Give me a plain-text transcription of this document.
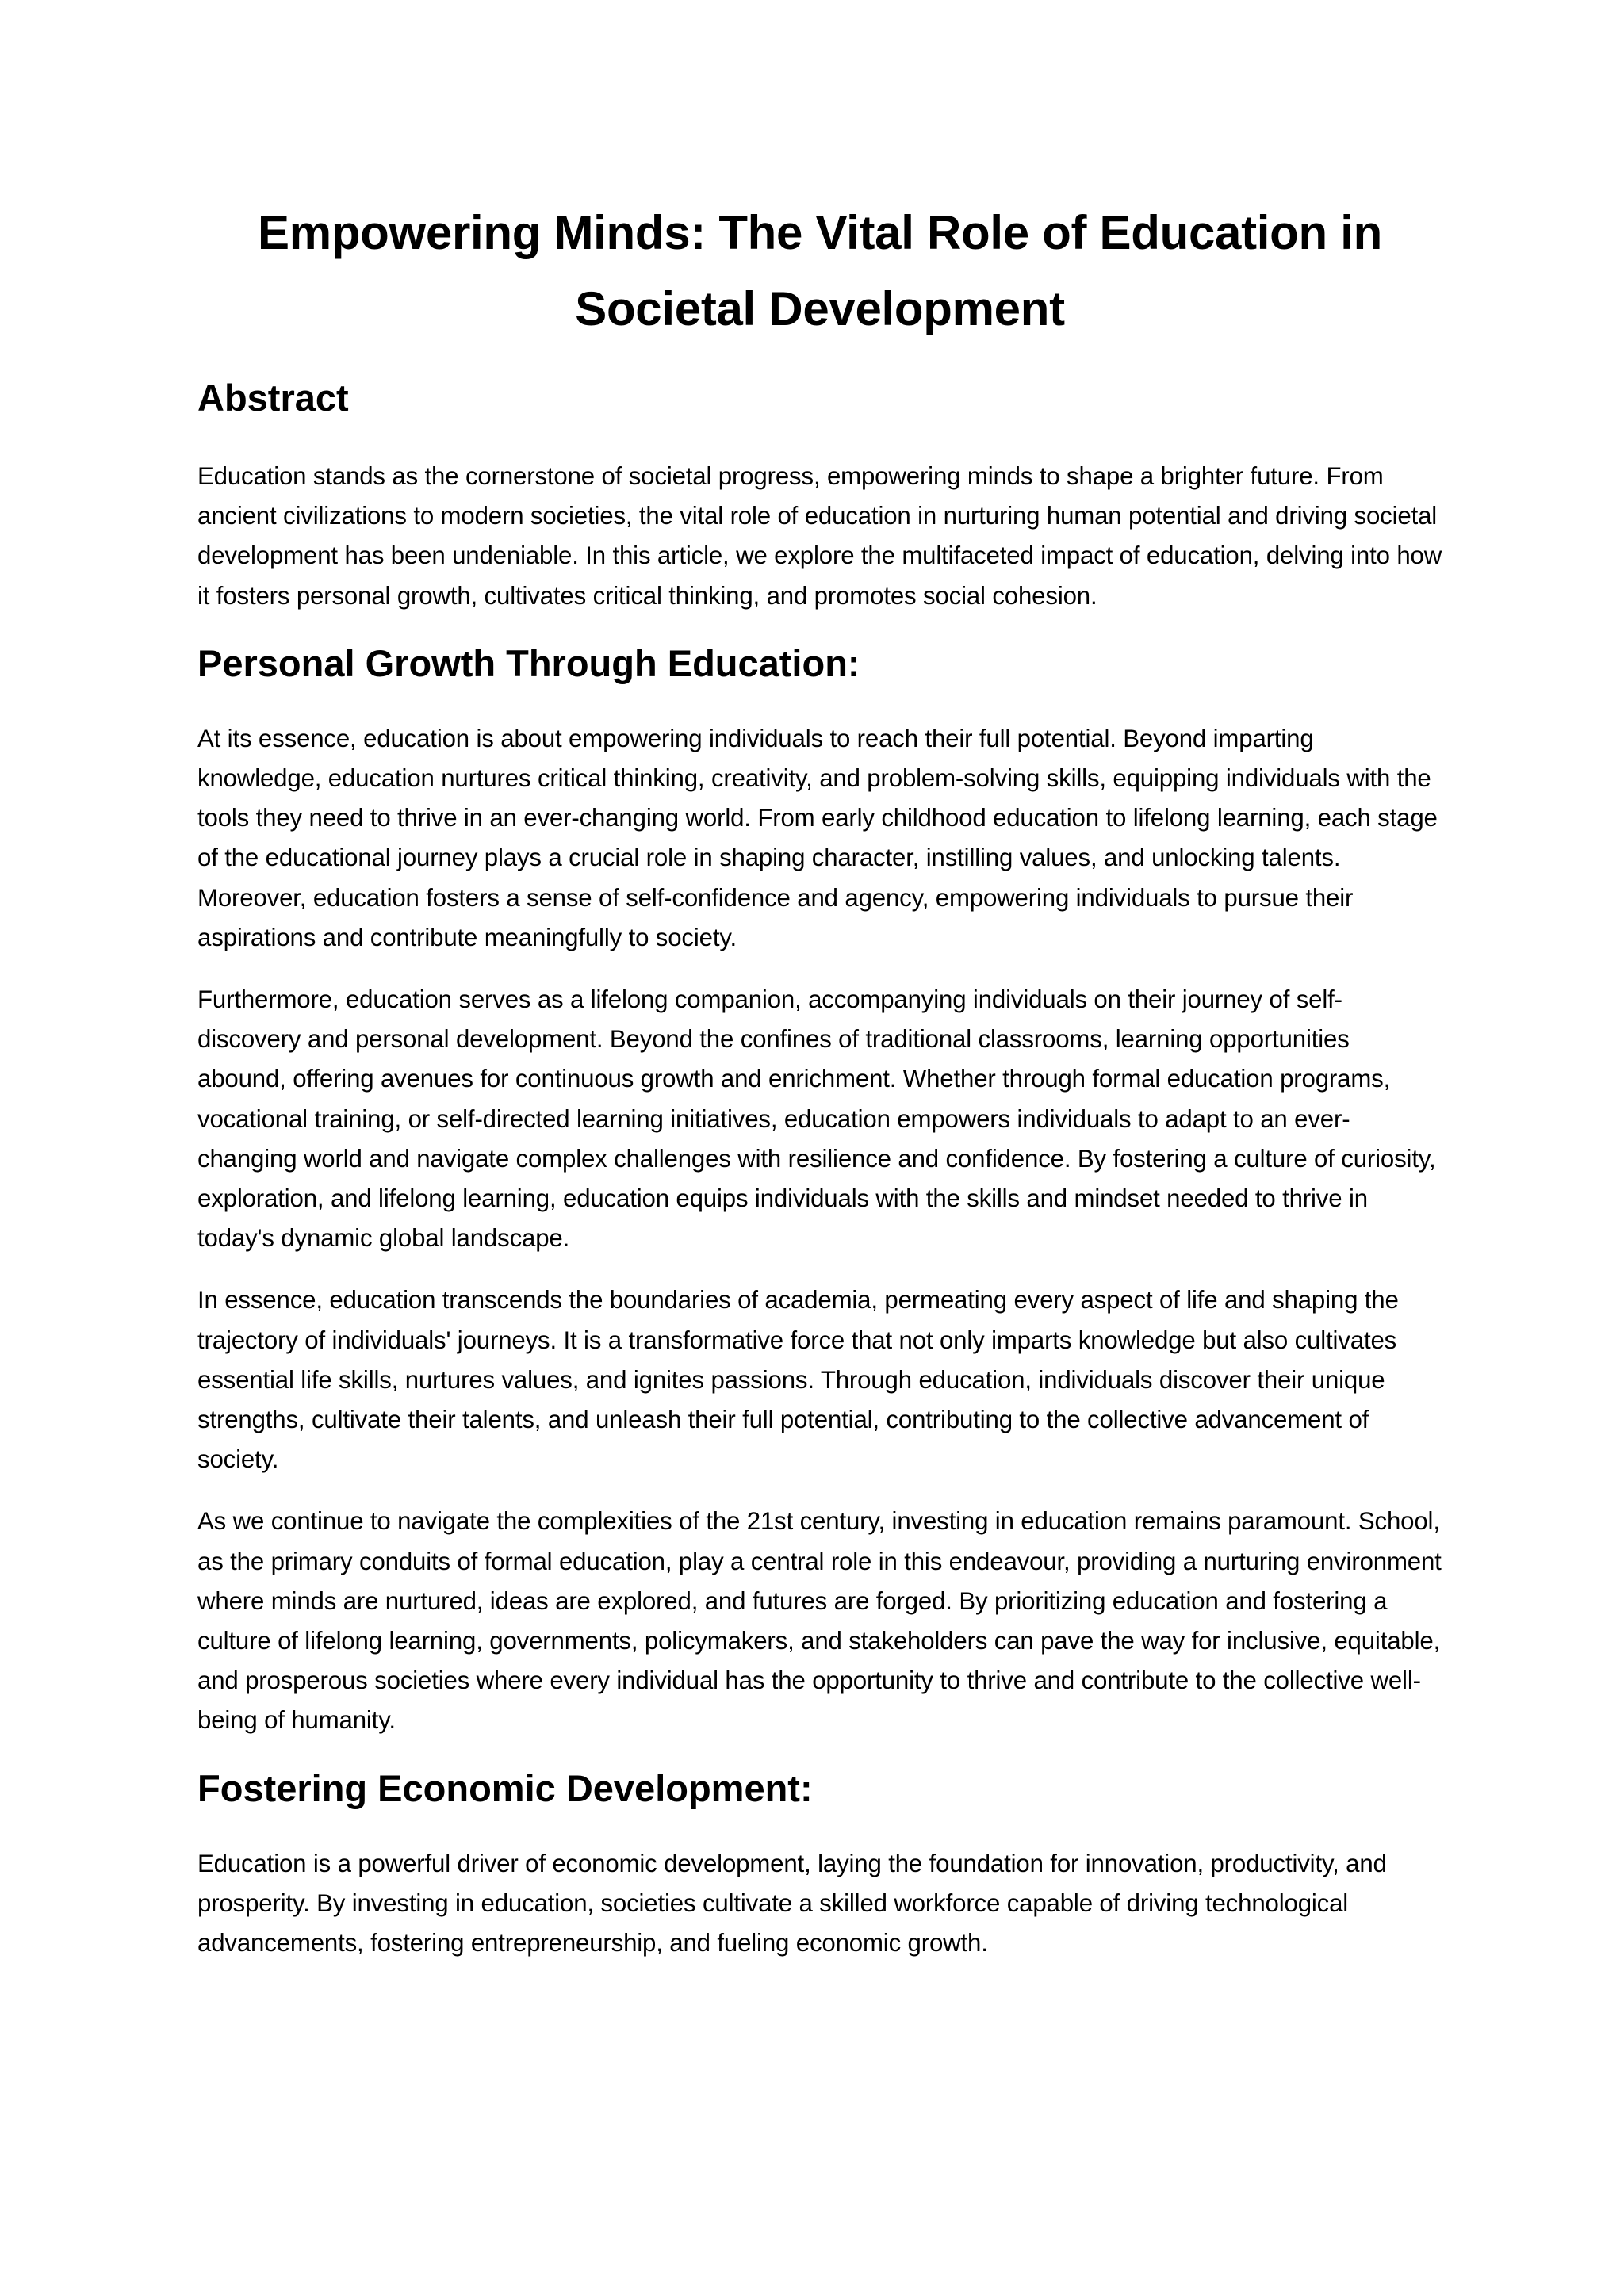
Empowering Minds: The Vital Role of Education in Societal Development
Abstract

Education stands as the cornerstone of societal progress, empowering minds to shape a brighter future. From ancient civilizations to modern societies, the vital role of education in nurturing human potential and driving societal development has been undeniable. In this article, we explore the multifaceted impact of education, delving into how it fosters personal growth, cultivates critical thinking, and promotes social cohesion.

Personal Growth Through Education:

At its essence, education is about empowering individuals to reach their full potential. Beyond imparting knowledge, education nurtures critical thinking, creativity, and problem-solving skills, equipping individuals with the tools they need to thrive in an ever-changing world. From early childhood education to lifelong learning, each stage of the educational journey plays a crucial role in shaping character, instilling values, and unlocking talents. Moreover, education fosters a sense of self-confidence and agency, empowering individuals to pursue their aspirations and contribute meaningfully to society.

Furthermore, education serves as a lifelong companion, accompanying individuals on their journey of self-discovery and personal development. Beyond the confines of traditional classrooms, learning opportunities abound, offering avenues for continuous growth and enrichment. Whether through formal education programs, vocational training, or self-directed learning initiatives, education empowers individuals to adapt to an ever-changing world and navigate complex challenges with resilience and confidence. By fostering a culture of curiosity, exploration, and lifelong learning, education equips individuals with the skills and mindset needed to thrive in today's dynamic global landscape.

In essence, education transcends the boundaries of academia, permeating every aspect of life and shaping the trajectory of individuals' journeys. It is a transformative force that not only imparts knowledge but also cultivates essential life skills, nurtures values, and ignites passions. Through education, individuals discover their unique strengths, cultivate their talents, and unleash their full potential, contributing to the collective advancement of society.

As we continue to navigate the complexities of the 21st century, investing in education remains paramount. School, as the primary conduits of formal education, play a central role in this endeavour, providing a nurturing environment where minds are nurtured, ideas are explored, and futures are forged. By prioritizing education and fostering a culture of lifelong learning, governments, policymakers, and stakeholders can pave the way for inclusive, equitable, and prosperous societies where every individual has the opportunity to thrive and contribute to the collective well-being of humanity.

Fostering Economic Development:

Education is a powerful driver of economic development, laying the foundation for innovation, productivity, and prosperity. By investing in education, societies cultivate a skilled workforce capable of driving technological advancements, fostering entrepreneurship, and fueling economic growth.
